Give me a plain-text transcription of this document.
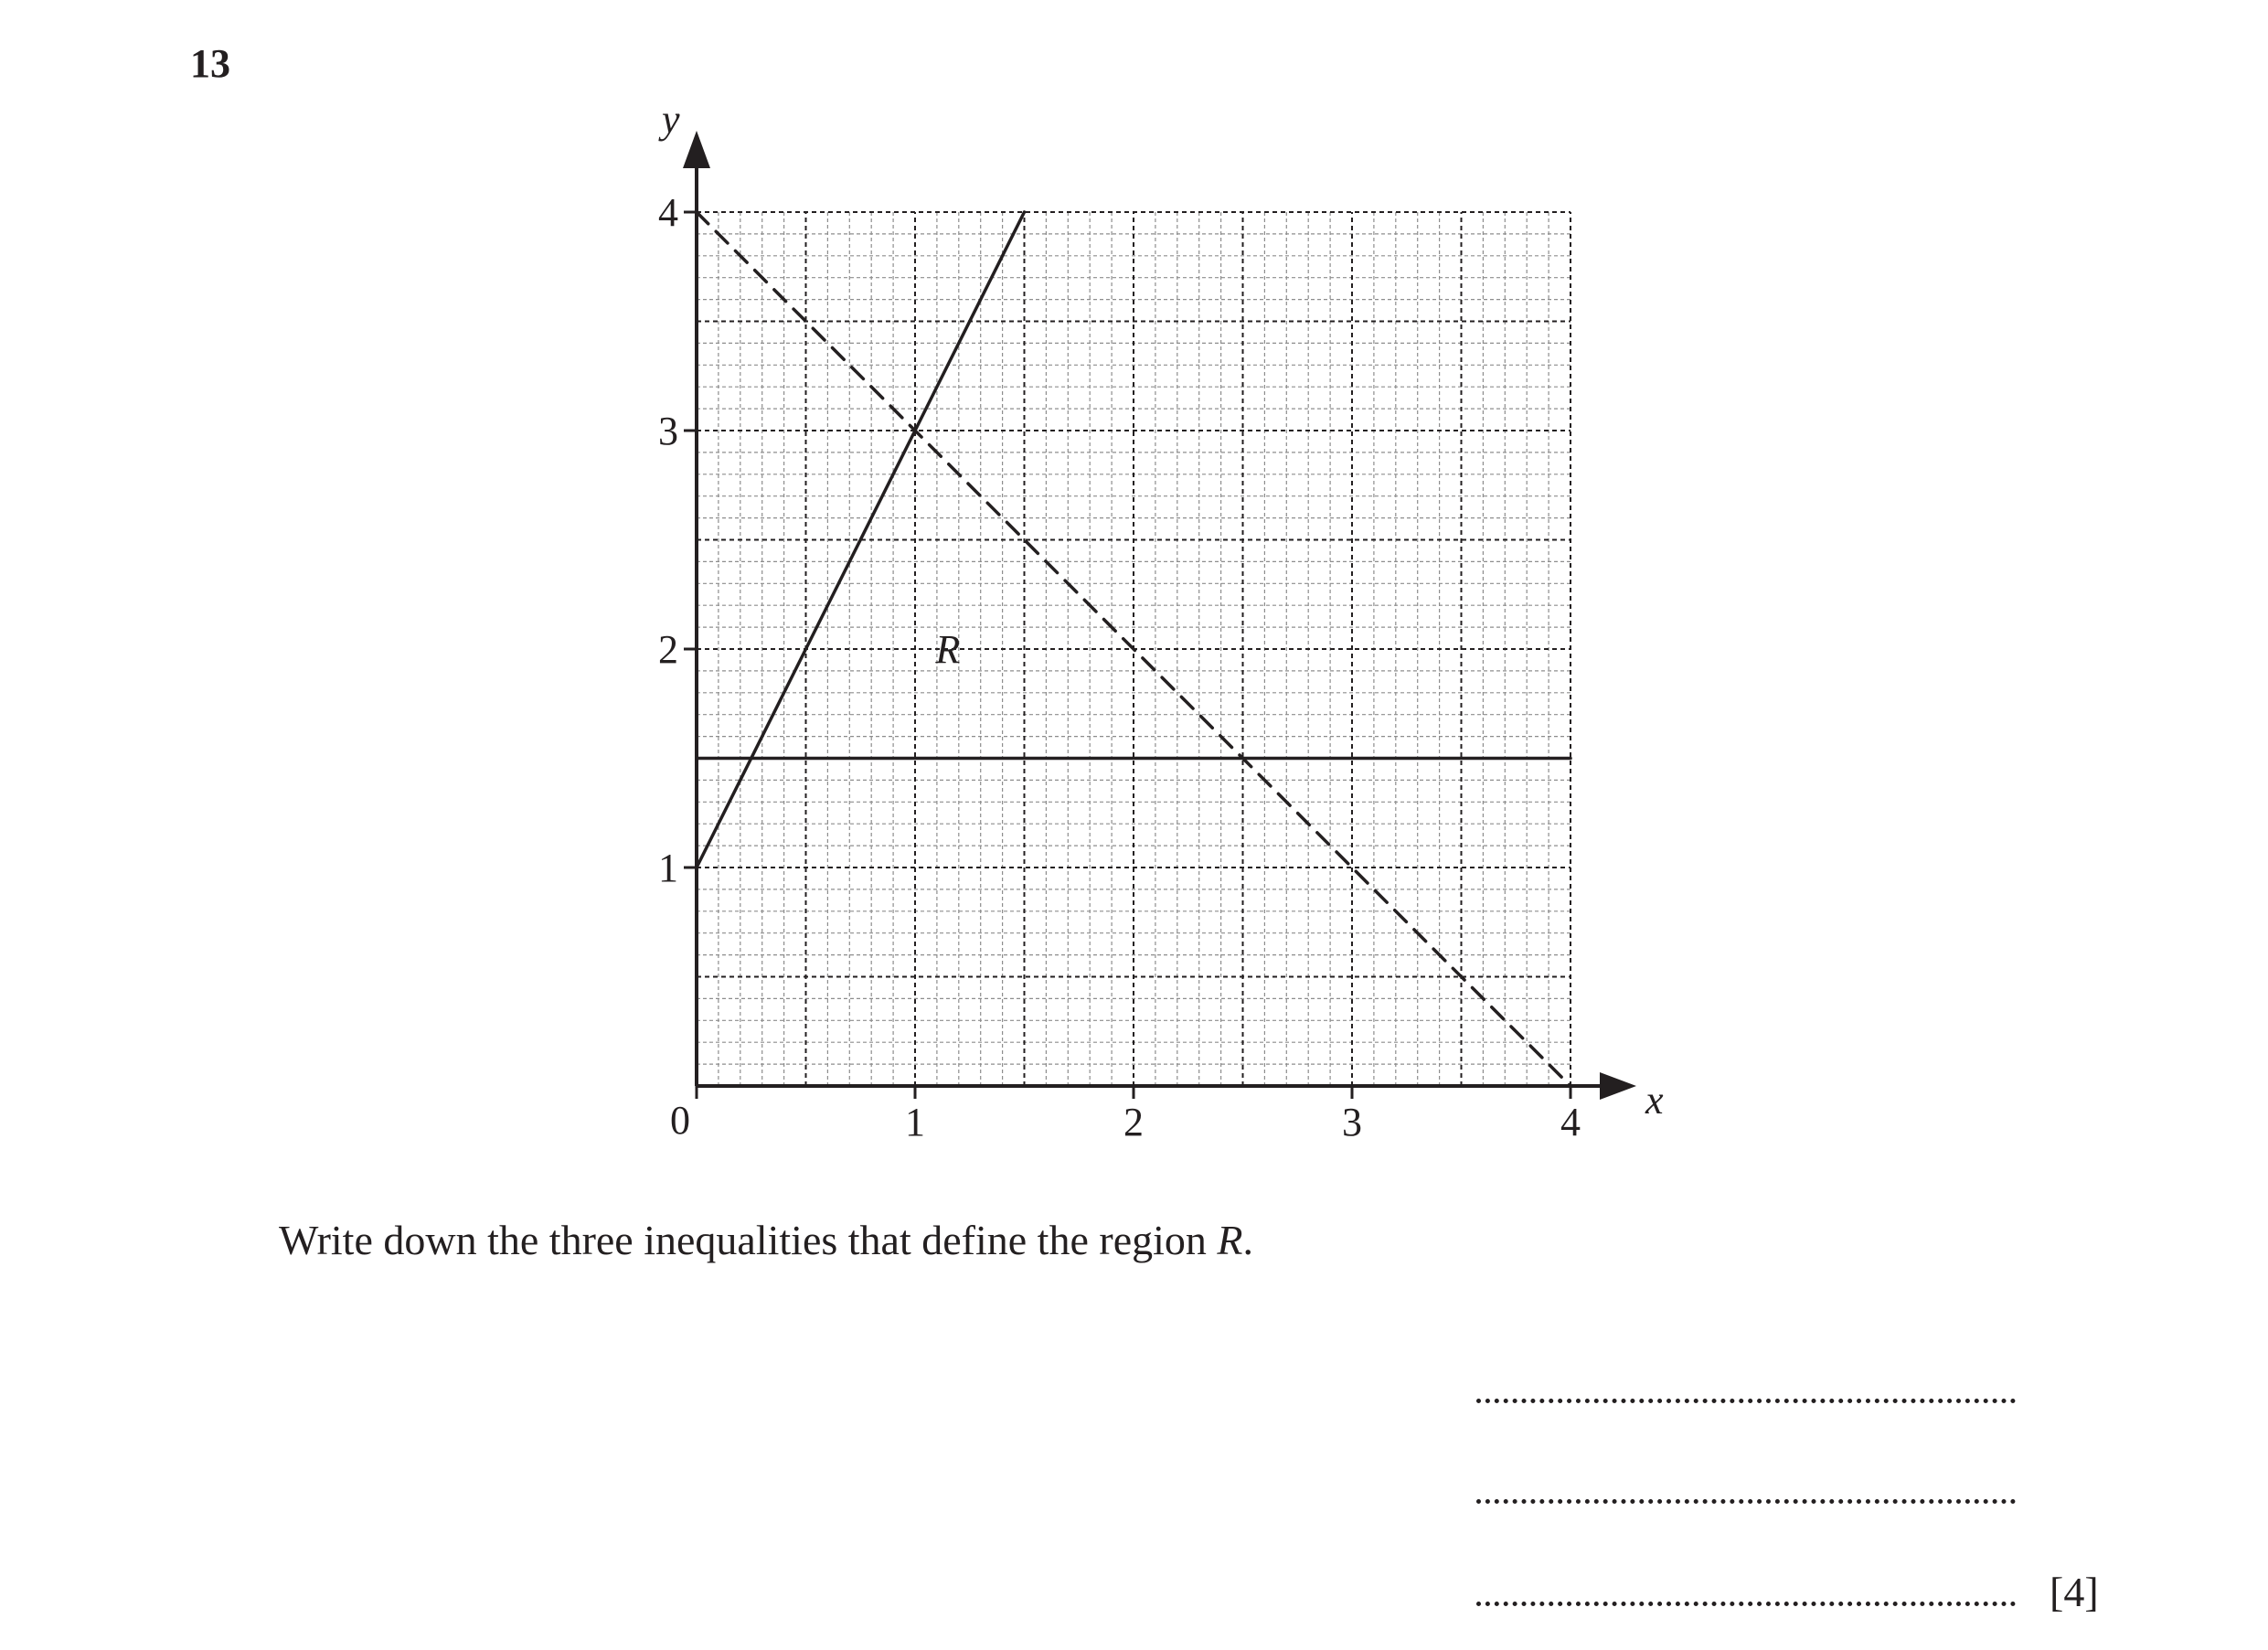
13
1	2	3	4
1
2
3
4
x
y
0
R
Write down the three inequalities that define the region R.
[4]
